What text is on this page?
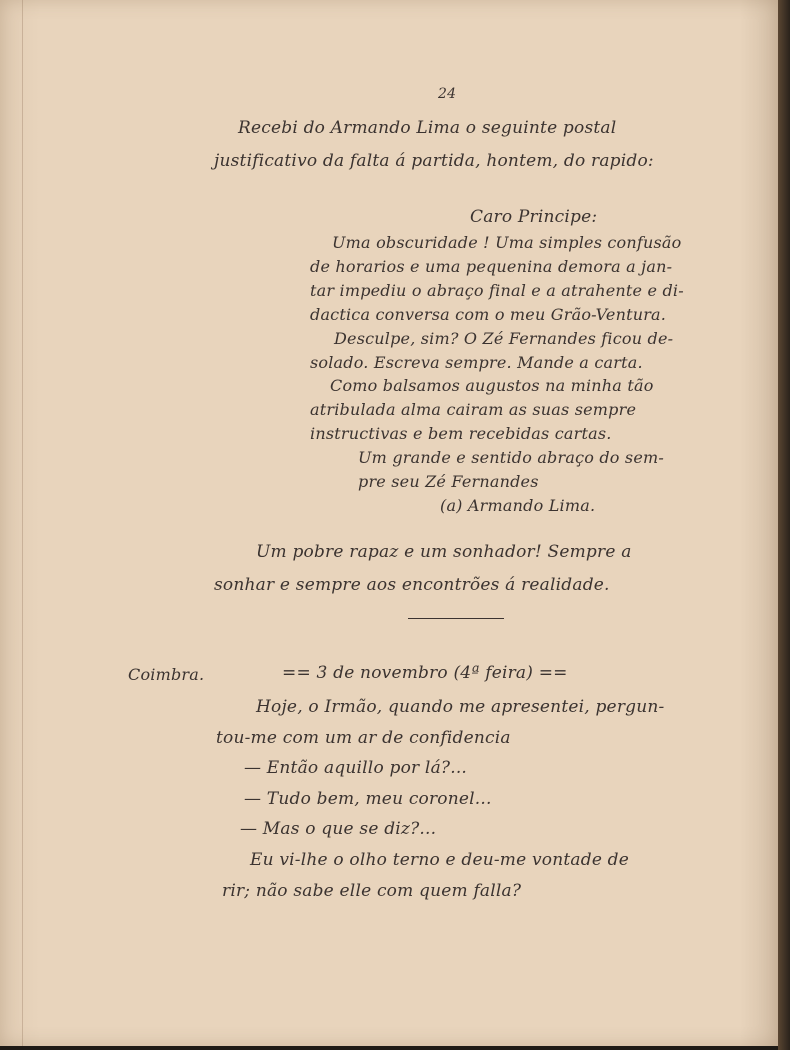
24
Recebi do Armando Lima o seguinte postal
justificativo da falta á partida, hontem, do rapido:
Caro Principe:
Uma obscuridade ! Uma simples confusão
de horarios e uma pequenina demora a jan-
tar impediu o abraço final e a atrahente e di-
dactica conversa com o meu Grão-Ventura.
Desculpe, sim? O Zé Fernandes ficou de-
solado. Escreva sempre. Mande a carta.
Como balsamos augustos na minha tão
atribulada alma cairam as suas sempre
instructivas e bem recebidas cartas.
Um grande e sentido abraço do sem-
pre seu Zé Fernandes
(a) Armando Lima.
Um pobre rapaz e um sonhador! Sempre a
sonhar e sempre aos encontrões á realidade.
Coimbra.	== 3 de novembro (4ª feira) ==
Hoje, o Irmão, quando me apresentei, pergun-
tou-me com um ar de confidencia
— Então aquillo por lá?...
— Tudo bem, meu coronel...
— Mas o que se diz?...
Eu vi-lhe o olho terno e deu-me vontade de
rir; não sabe elle com quem falla?
